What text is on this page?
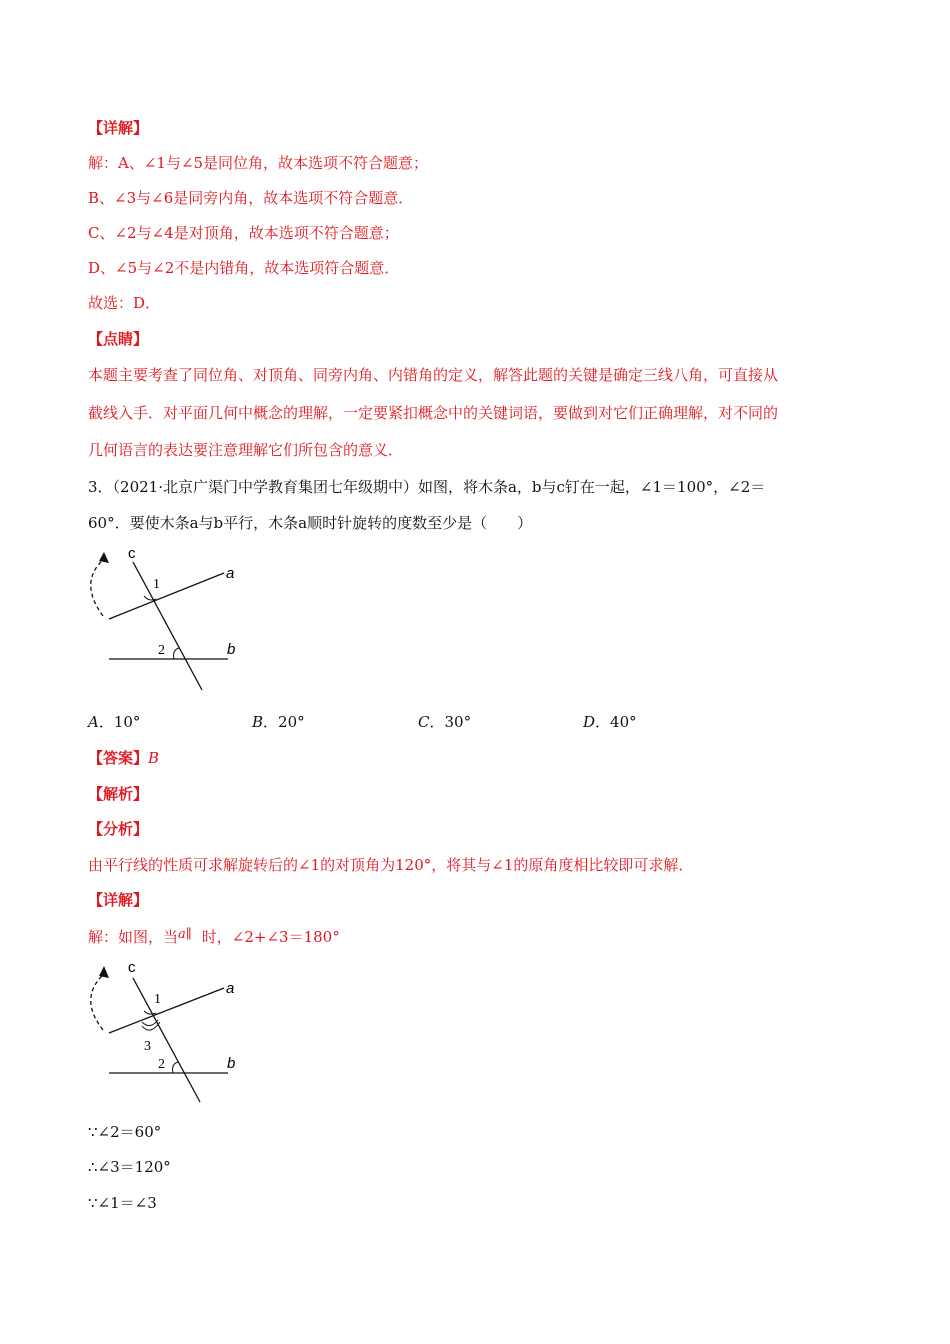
【详解】
解：A、∠1与∠5是同位角，故本选项不符合题意；
B、∠3与∠6是同旁内角，故本选项不符合题意．
C、∠2与∠4是对顶角，故本选项不符合题意；
D、∠5与∠2不是内错角，故本选项符合题意．
故选：D．
【点睛】
本题主要考查了同位角、对顶角、同旁内角、内错角的定义，解答此题的关键是确定三线八角，可直接从
截线入手．对平面几何中概念的理解，一定要紧扣概念中的关键词语，要做到对它们正确理解，对不同的
几何语言的表达要注意理解它们所包含的意义．
3．（2021·北京广渠门中学教育集团七年级期中）如图，将木条a，b与c钉在一起，∠1＝100°，∠2＝
60°．要使木条a与b平行，木条a顺时针旋转的度数至少是（　　）
c
a
b
1
2
A．10°	B．20°	C．30°	D．40°
【答案】B
【解析】
【分析】
由平行线的性质可求解旋转后的∠1的对顶角为120°，将其与∠1的原角度相比较即可求解．
【详解】
解：如图，当a∥ 时，∠2+∠3＝180°
c
a
b
1
3
2
∵∠2＝60°
∴∠3＝120°
∵∠1＝∠3
